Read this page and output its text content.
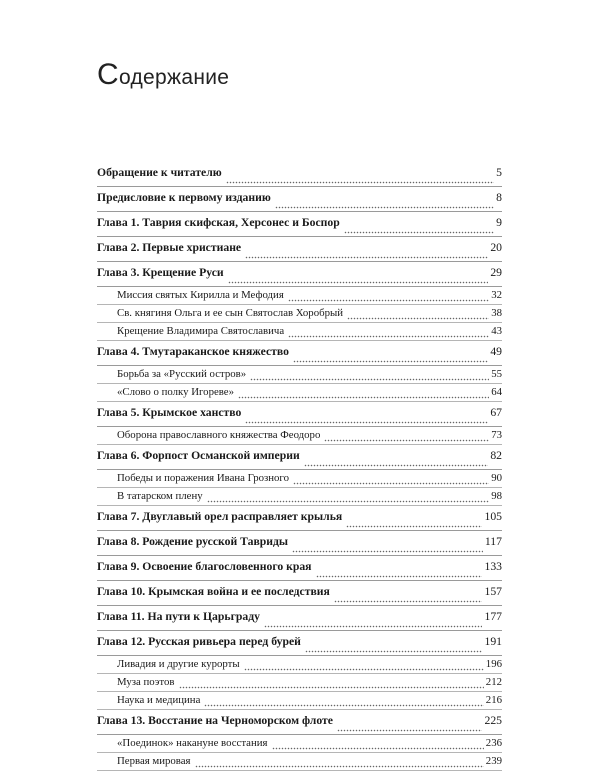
Содержание
Обращение к читателю	5
Предисловие к первому изданию	8
Глава 1. Таврия скифская, Херсонес и Боспор	9
Глава 2. Первые христиане	20
Глава 3. Крещение Руси	29
Миссия святых Кирилла и Мефодия	32
Св. княгиня Ольга и ее сын Святослав Хоробрый	38
Крещение Владимира Святославича	43
Глава 4. Тмутараканское княжество	49
Борьба за «Русский остров»	55
«Слово о полку Игореве»	64
Глава 5. Крымское ханство	67
Оборона православного княжества Феодоро	73
Глава 6. Форпост Османской империи	82
Победы и поражения Ивана Грозного	90
В татарском плену	98
Глава 7. Двуглавый орел расправляет крылья	105
Глава 8. Рождение русской Тавриды	117
Глава 9. Освоение благословенного края	133
Глава 10. Крымская война и ее последствия	157
Глава 11. На пути к Царьграду	177
Глава 12. Русская ривьера перед бурей	191
Ливадия и другие курорты	196
Муза поэтов	212
Наука и медицина	216
Глава 13. Восстание на Черноморском флоте	225
«Поединок» накануне восстания	236
Первая мировая	239
